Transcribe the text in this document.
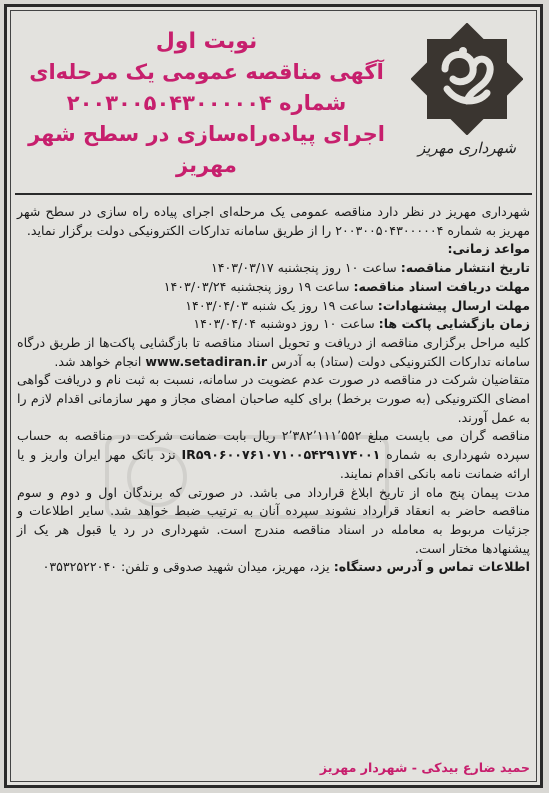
شهرداری مهریز
نوبت اول
آگهی مناقصه عمومی یک مرحله‌ای
شماره ۲۰۰۳۰۰۵۰۴۳۰۰۰۰۰۴
اجرای پیاده‌راه‌سازی در سطح شهر مهریز

شهرداری مهریز در نظر دارد مناقصه عمومی یک مرحله‌ای اجرای پیاده راه سازی در سطح شهر مهریز به شماره ۲۰۰۳۰۰۵۰۴۳۰۰۰۰۰۴ را از طریق سامانه تدارکات الکترونیکی دولت برگزار نماید.

مواعد زمانی:

تاریخ انتشار مناقصه: ساعت ۱۰ روز پنجشنبه ۱۴۰۳/۰۳/۱۷

مهلت دریافت اسناد مناقصه: ساعت ۱۹ روز پنجشنبه ۱۴۰۳/۰۳/۲۴

مهلت ارسال پیشنهادات: ساعت ۱۹ روز یک شنبه ۱۴۰۳/۰۴/۰۳

زمان بازگشایی پاکت ها: ساعت ۱۰ روز دوشنبه ۱۴۰۳/۰۴/۰۴

کلیه مراحل برگزاری مناقصه از دریافت و تحویل اسناد مناقصه تا بازگشایی پاکت‌ها از طریق درگاه سامانه تدارکات الکترونیکی دولت (ستاد) به آدرس www.setadiran.ir انجام خواهد شد.

متقاضیان شرکت در مناقصه در صورت عدم عضویت در سامانه، نسبت به ثبت نام و دریافت گواهی امضای الکترونیکی (به صورت برخط) برای کلیه صاحبان امضای مجاز و مهر سازمانی اقدام لازم را به عمل آورند.

مناقصه گران می بایست مبلغ ۲٬۳۸۲٬۱۱۱٬۵۵۲ ریال بابت ضمانت شرکت در مناقصه به حساب سپرده شهرداری به شماره IR۵۹۰۶۰۰۷۶۱۰۷۱۰۰۵۴۲۹۱۷۴۰۰۱ نزد بانک مهر ایران واریز و یا ارائه ضمانت نامه بانکی اقدام نمایند.

مدت پیمان پنج ماه از تاریخ ابلاغ قرارداد می باشد. در صورتی که برندگان اول و دوم و سوم مناقصه حاضر به انعقاد قرارداد نشوند سپرده آنان به ترتیب ضبط خواهد شد. سایر اطلاعات و جزئیات مربوط به معامله در اسناد مناقصه مندرج است. شهرداری در رد یا قبول هر یک از پیشنهادها مختار است.

اطلاعات تماس و آدرس دستگاه: یزد، مهریز، میدان شهید صدوقی و تلفن: ۰۳۵۳۲۵۲۲۰۴۰

حمید ضارع بیدکی - شهردار مهریز
